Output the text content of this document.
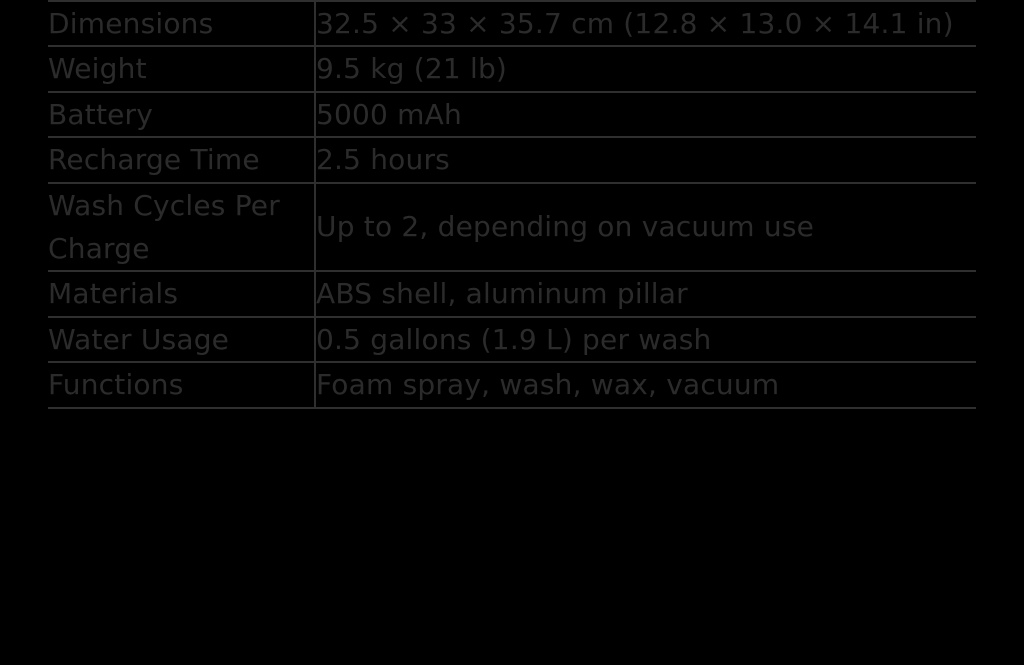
Dimensions	32.5 × 33 × 35.7 cm (12.8 × 13.0 × 14.1 in)
Weight	9.5 kg (21 lb)
Battery	5000 mAh
Recharge Time	2.5 hours
Wash Cycles Per Charge	Up to 2, depending on vacuum use
Materials	ABS shell, aluminum pillar
Water Usage	0.5 gallons (1.9 L) per wash
Functions	Foam spray, wash, wax, vacuum
